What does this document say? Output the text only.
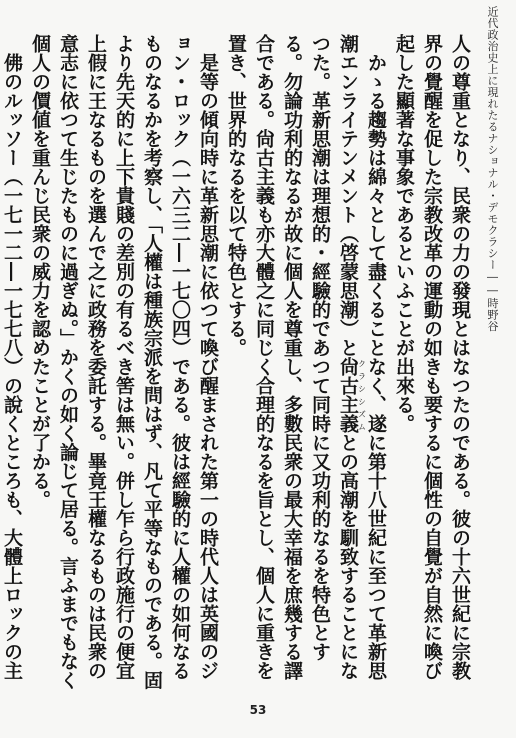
近代政治史上に現れたるナショナル・デモクラシー――時野谷

人の尊重となり、民衆の力の發現とはなつたのである。彼の十六世紀に宗教界の覺醒を促した宗教改革の運動の如きも要するに個性の自覺が自然に喚び起した顯著な事象であるといふことが出來る。

かゝる趨勢は綿々として盡くることなく、遂に第十八世紀に至つて革新思潮エンライテンメント（啓蒙思潮）と尙古主義クラシシズムとの高潮を馴致することになつた。革新思潮は理想的・經驗的であつて同時に又功利的なるを特色とする。勿論功利的なるが故に個人を尊重し、多數民衆の最大幸福を庶幾する譯合である。尙古主義も亦大體之に同じく合理的なるを旨とし、個人に重きを置き、世界的なるを以て特色とする。

是等の傾向時に革新思潮に依つて喚び醒まされた第一の時代人は英國のジョン・ロック（一六三二―一七〇四）である。彼は經驗的に人權の如何なるものなるかを考察し、「人權は種族宗派を問はず、凡て平等なものである。固より先天的に上下貴賤の差別の有るべき筈は無い。併し乍ら行政施行の便宜上假に王なるものを選んで之に政務を委託する。畢竟王權なるものは民衆の意志に依つて生じたものに過ぎぬ。」かくの如く論じて居る。言ふまでもなく個人の價値を重んじ民衆の威力を認めたことが了かる。

佛のルッソー（一七一二―一七七八）の說くところも、大體上ロックの主

53
